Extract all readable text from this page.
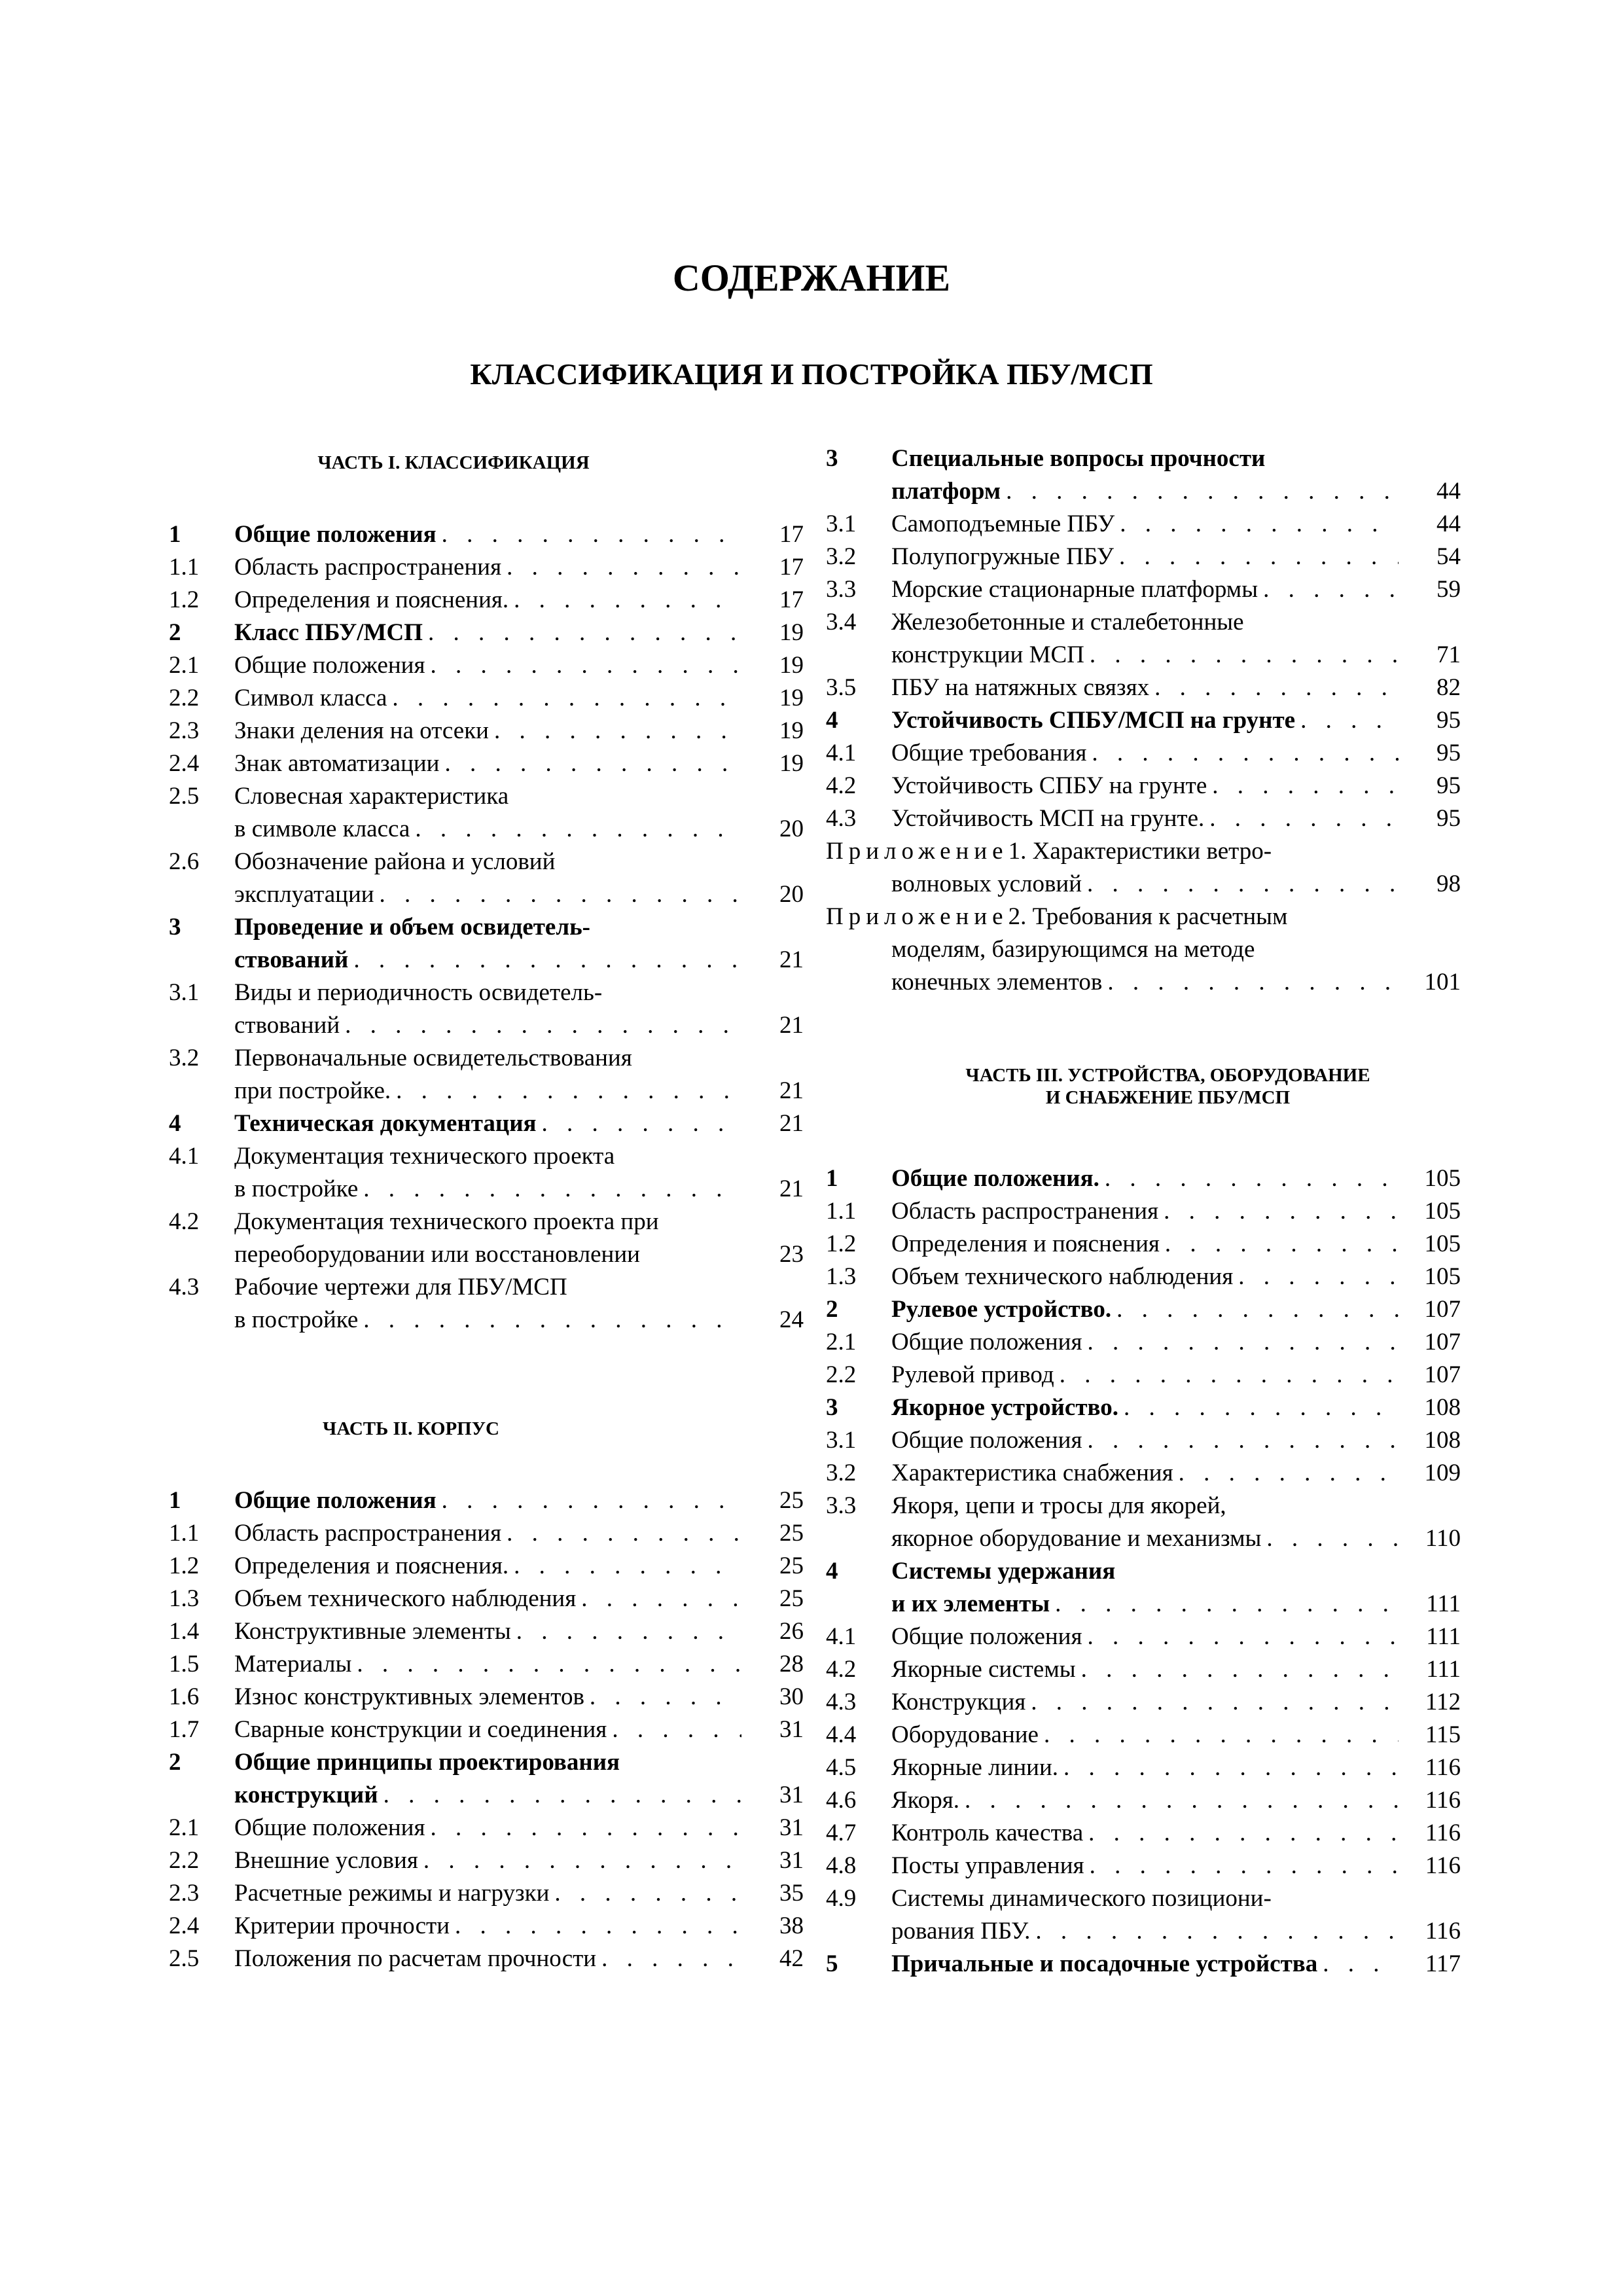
СОДЕРЖАНИЕ
КЛАССИФИКАЦИЯ И ПОСТРОЙКА ПБУ/МСП
ЧАСТЬ I. КЛАССИФИКАЦИЯ
1	Общие положения . . .	17
1.1	Область распространения . . .	17
1.2	Определения и пояснения. . . .	17
2	Класс ПБУ/МСП . . .	19
2.1	Общие положения . . .	19
2.2	Символ класса . . .	19
2.3	Знаки деления на отсеки . . .	19
2.4	Знак автоматизации . . .	19
2.5	Словесная характеристика
в символе класса . . .	20
2.6	Обозначение района и условий
эксплуатации . . .	20
3	Проведение и объем освидетель-
ствований . . .	21
3.1	Виды и периодичность освидетель-
ствований . . .	21
3.2	Первоначальные освидетельствования
при постройке. . . .	21
4	Техническая документация . . .	21
4.1	Документация технического проекта
в постройке . . .	21
4.2	Документация технического проекта при
переоборудовании или восстановлении	23
4.3	Рабочие чертежи для ПБУ/МСП
в постройке . . .	24
ЧАСТЬ II. КОРПУС
1	Общие положения . . .	25
1.1	Область распространения . . .	25
1.2	Определения и пояснения. . . .	25
1.3	Объем технического наблюдения . . .	25
1.4	Конструктивные элементы . . .	26
1.5	Материалы . . .	28
1.6	Износ конструктивных элементов . . .	30
1.7	Сварные конструкции и соединения . . .	31
2	Общие принципы проектирования
конструкций . . .	31
2.1	Общие положения . . .	31
2.2	Внешние условия . . .	31
2.3	Расчетные режимы и нагрузки . . .	35
2.4	Критерии прочности . . .	38
2.5	Положения по расчетам прочности . . .	42
3	Специальные вопросы прочности
платформ . . .	44
3.1	Самоподъемные ПБУ . . .	44
3.2	Полупогружные ПБУ . . .	54
3.3	Морские стационарные платформы . . .	59
3.4	Железобетонные и сталебетонные
конструкции МСП . . .	71
3.5	ПБУ на натяжных связях . . .	82
4	Устойчивость СПБУ/МСП на грунте . . .	95
4.1	Общие требования . . .	95
4.2	Устойчивость СПБУ на грунте . . .	95
4.3	Устойчивость МСП на грунте. . . .	95
Приложение 1. Характеристики ветро-
волновых условий . . .	98
Приложение 2. Требования к расчетным
моделям, базирующимся на методе
конечных элементов . . .	101
ЧАСТЬ III. УСТРОЙСТВА, ОБОРУДОВАНИЕ
И СНАБЖЕНИЕ ПБУ/МСП
1	Общие положения. . . .	105
1.1	Область распространения . . .	105
1.2	Определения и пояснения . . .	105
1.3	Объем технического наблюдения . . .	105
2	Рулевое устройство. . . .	107
2.1	Общие положения . . .	107
2.2	Рулевой привод . . .	107
3	Якорное устройство. . . .	108
3.1	Общие положения . . .	108
3.2	Характеристика снабжения . . .	109
3.3	Якоря, цепи и тросы для якорей,
якорное оборудование и механизмы . . .	110
4	Системы удержания
и их элементы . . .	111
4.1	Общие положения . . .	111
4.2	Якорные системы . . .	111
4.3	Конструкция . . .	112
4.4	Оборудование . . .	115
4.5	Якорные линии. . . .	116
4.6	Якоря. . . .	116
4.7	Контроль качества . . .	116
4.8	Посты управления . . .	116
4.9	Системы динамического позициони-
рования ПБУ. . . .	116
5	Причальные и посадочные устройства . . .	117
